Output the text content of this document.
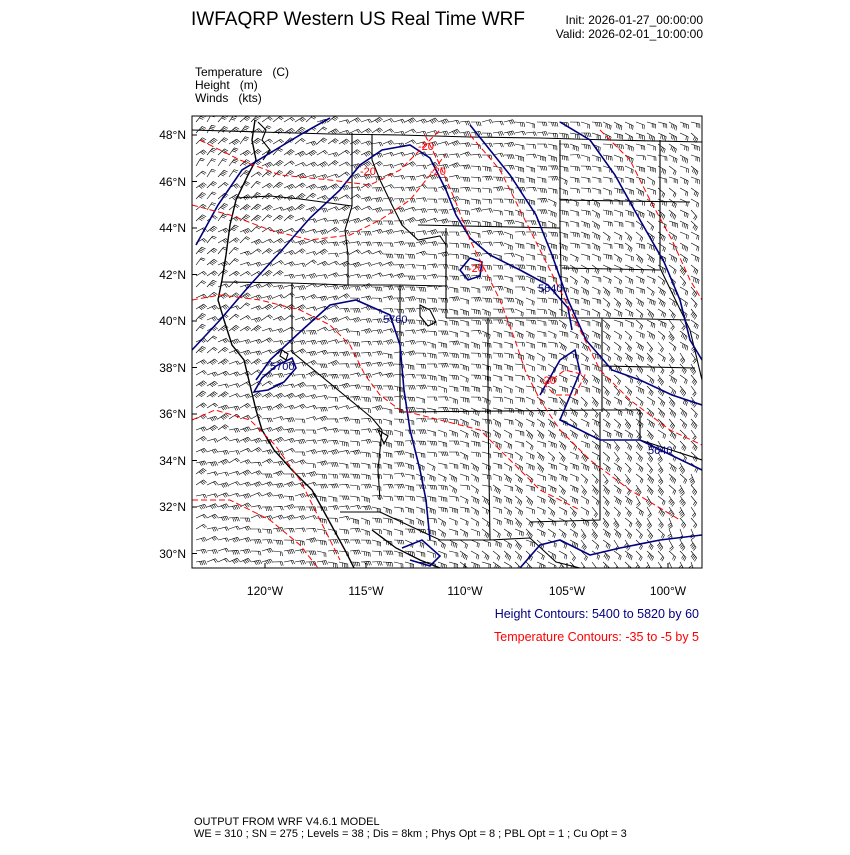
IWFAQRP Western US Real Time WRF	Init: 2026-01-27_00:00:00
Valid: 2026-02-01_10:00:00
Temperature (C)
Height (m)
Winds (kts)
5640
5760
5700
5640
-20
-20
-20
-20
-20
48°N
46°N
44°N
42°N
40°N
38°N
36°N
34°N
32°N
30°N
120°W	115°W	110°W	105°W	100°W
Height Contours: 5400 to 5820 by 60
Temperature Contours: -35 to -5 by 5
OUTPUT FROM WRF V4.6.1 MODEL
WE = 310 ; SN = 275 ; Levels = 38 ; Dis = 8km ; Phys Opt = 8 ; PBL Opt = 1 ; Cu Opt = 3
